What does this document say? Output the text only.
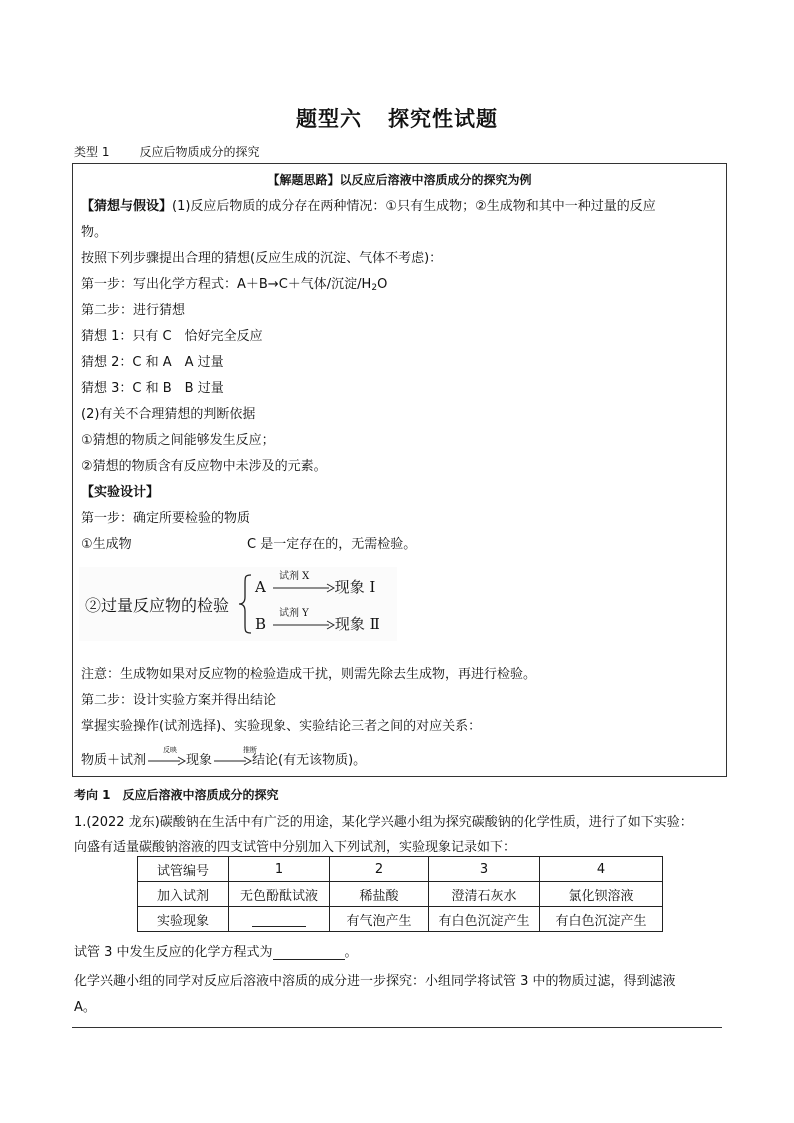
题型六 探究性试题
类型 1	反应后物质成分的探究
【解题思路】以反应后溶液中溶质成分的探究为例
【猜想与假设】(1)反应后物质的成分存在两种情况：①只有生成物；②生成物和其中一种过量的反应
物。
按照下列步骤提出合理的猜想(反应生成的沉淀、气体不考虑)：
第一步：写出化学方程式：A＋B→C＋气体/沉淀$/H_2O$
第二步：进行猜想
猜想 1：只有 C　恰好完全反应
猜想 2：C 和 A　A 过量
猜想 3：C 和 B　B 过量
(2)有关不合理猜想的判断依据
①猜想的物质之间能够发生反应；
②猜想的物质含有反应物中未涉及的元素。
【实验设计】
第一步：确定所要检验的物质
①生成物	C 是一定存在的，无需检验。
②过量反应物的检验
A	现象 Ⅰ
试剂 X
B	现象 Ⅱ
试剂 Y
注意：生成物如果对反应物的检验造成干扰，则需先除去生成物，再进行检验。
第二步：设计实验方案并得出结论
掌握实验操作(试剂选择)、实验现象、实验结论三者之间的对应关系：
物质＋试剂	现象	结论(有无该物质)。
反映	推断
考向 1　反应后溶液中溶质成分的探究
1.(2022 龙东)碳酸钠在生活中有广泛的用途，某化学兴趣小组为探究碳酸钠的化学性质，进行了如下实验：
向盛有适量碳酸钠溶液的四支试管中分别加入下列试剂，实验现象记录如下：
试管编号	1	2	3	4
加入试剂	无色酚酞试液	稀盐酸	澄清石灰水	氯化钡溶液
实验现象		有气泡产生	有白色沉淀产生	有白色沉淀产生
试管 3 中发生反应的化学方程式为	。
化学兴趣小组的同学对反应后溶液中溶质的成分进一步探究：小组同学将试管 3 中的物质过滤，得到滤液
A。
